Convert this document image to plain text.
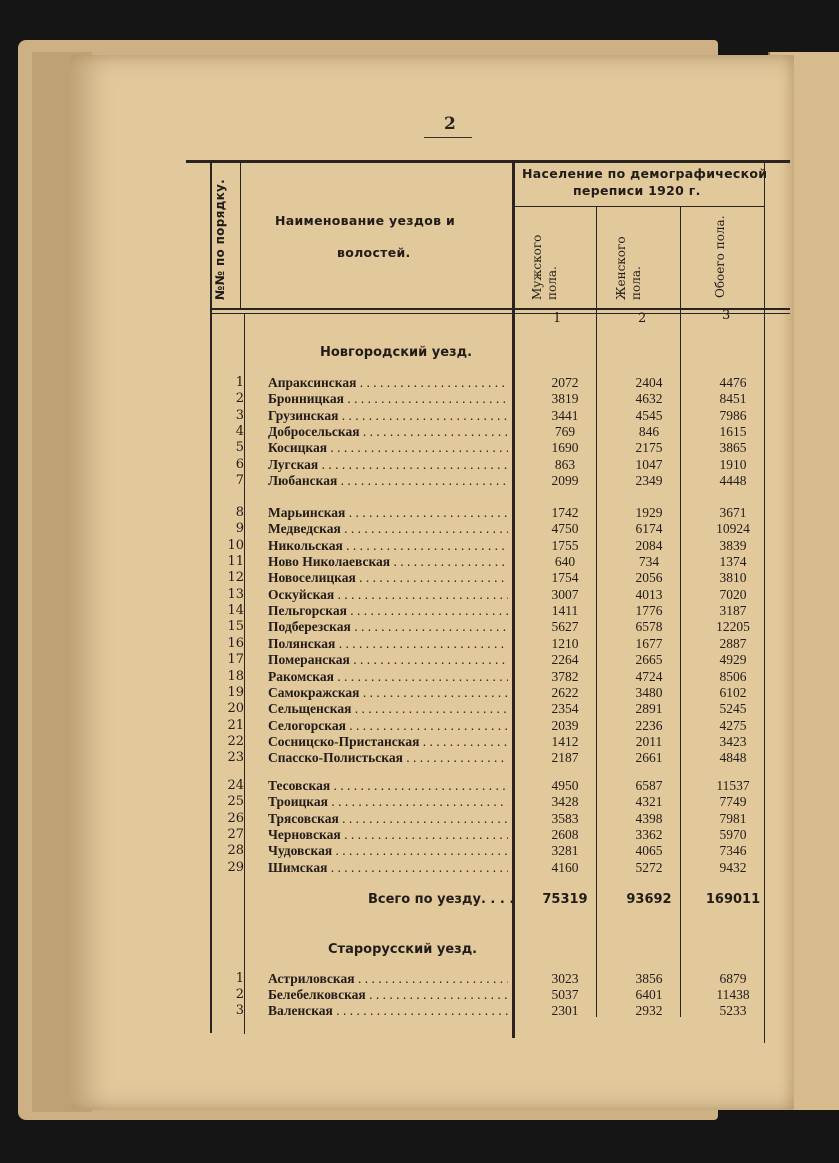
2
№№ по порядку.	Наименование уездов и
волостей.
Население по демографической
переписи 1920 г.
Мужского пола.	Женского пола.	Обоего пола.
1	2	3
Новгородский уезд.
1 Апраксинская . . .	2072	2404	4476
2 Бронницкая . . .	3819	4632	8451
3 Грузинская . . .	3441	4545	7986
4 Добросельская . . .	769	846	1615
5 Косицкая . . .	1690	2175	3865
6 Лугская . . .	863	1047	1910
7 Любанская . . .	2099	2349	4448
8 Марьинская . . .	1742	1929	3671
9 Медведская . . .	4750	6174	10924
10 Никольская . . .	1755	2084	3839
11 Ново Николаевская . . .	640	734	1374
12 Новоселицкая . . .	1754	2056	3810
13 Оскуйская . . .	3007	4013	7020
14 Пельгорская . . .	1411	1776	3187
15 Подберезская . . .	5627	6578	12205
16 Полянская . . .	1210	1677	2887
17 Померанская . . .	2264	2665	4929
18 Ракомская . . .	3782	4724	8506
19 Самокражская . . .	2622	3480	6102
20 Сельщенская . . .	2354	2891	5245
21 Селогорская . . .	2039	2236	4275
22 Сосницско-Пристанская . . .	1412	2011	3423
23 Спасско-Полистьская . . .	2187	2661	4848
24 Тесовская . . .	4950	6587	11537
25 Троицкая . . .	3428	4321	7749
26 Трясовская . . .	3583	4398	7981
27 Черновская . . .	2608	3362	5970
28 Чудовская . . .	3281	4065	7346
29 Шимская . . .	4160	5272	9432
Всего по уезду. . . .	75319	93692	169011
Старорусский уезд.
1 Астриловская . . .	3023	3856	6879
2 Белебелковская . . .	5037	6401	11438
3 Валенская . . .	2301	2932	5233
